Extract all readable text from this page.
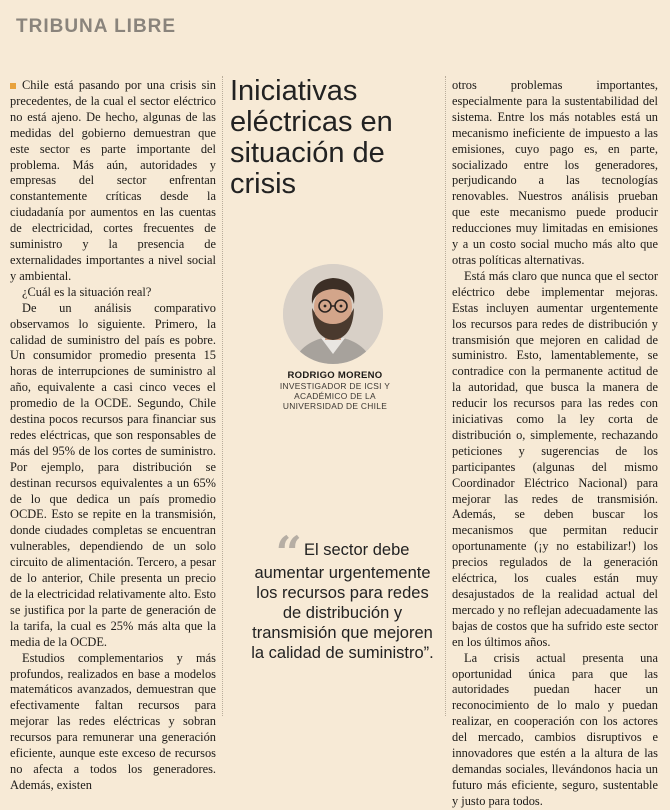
TRIBUNA LIBRE

Chile está pasando por una crisis sin precedentes, de la cual el sector eléctrico no está ajeno. De hecho, algunas de las medidas del gobierno demuestran que este sector es parte importante del problema. Más aún, autoridades y empresas del sector enfrentan constantemente críticas desde la ciudadanía por aumentos en las cuentas de electricidad, cortes frecuentes de suministro y la presencia de externalidades importantes a nivel social y ambiental.

¿Cuál es la situación real?

De un análisis comparativo observamos lo siguiente. Primero, la calidad de suministro del país es pobre. Un consumidor promedio presenta 15 horas de interrupciones de suministro al año, equivalente a casi cinco veces el promedio de la OCDE. Segundo, Chile destina pocos recursos para financiar sus redes eléctricas, que son responsables de más del 95% de los cortes de suministro. Por ejemplo, para distribución se destinan recursos equivalentes a un 65% de lo que dedica un país promedio OCDE. Esto se repite en la transmisión, donde ciudades completas se encuentran vulnerables, dependiendo de un solo circuito de alimentación. Tercero, a pesar de lo anterior, Chile presenta un precio de la electricidad relativamente alto. Esto se justifica por la parte de generación de la tarifa, la cual es 25% más alta que la media de la OCDE.

Estudios complementarios y más profundos, realizados en base a modelos matemáticos avanzados, demuestran que efectivamente faltan recursos para mejorar las redes eléctricas y sobran recursos para remunerar una generación eficiente, aunque este exceso de recursos no afecta a todos los generadores. Además, existen

Iniciativas eléctricas en situación de crisis
RODRIGO MORENO
INVESTIGADOR DE ICSI Y ACADÉMICO DE LA UNIVERSIDAD DE CHILE
“ El sector debe aumentar urgentemente los recursos para redes de distribución y transmisión que mejoren la calidad de suministro”.

otros problemas importantes, especialmente para la sustentabilidad del sistema. Entre los más notables está un mecanismo ineficiente de impuesto a las emisiones, cuyo pago es, en parte, socializado entre los generadores, perjudicando a las tecnologías renovables. Nuestros análisis prueban que este mecanismo puede producir reducciones muy limitadas en emisiones y a un costo social mucho más alto que otras políticas alternativas.

Está más claro que nunca que el sector eléctrico debe implementar mejoras. Estas incluyen aumentar urgentemente los recursos para redes de distribución y transmisión que mejoren en calidad de suministro. Esto, lamentablemente, se contradice con la permanente actitud de la autoridad, que busca la manera de reducir los recursos para las redes con iniciativas como la ley corta de distribución o, simplemente, rechazando peticiones y sugerencias de los participantes (algunas del mismo Coordinador Eléctrico Nacional) para mejorar las redes de transmisión. Además, se deben buscar los mecanismos que permitan reducir oportunamente (¡y no estabilizar!) los precios regulados de la generación eléctrica, los cuales están muy desajustados de la realidad actual del mercado y no reflejan adecuadamente las bajas de costos que ha sufrido este sector en los últimos años.

La crisis actual presenta una oportunidad única para que las autoridades puedan hacer un reconocimiento de lo malo y puedan realizar, en cooperación con los actores del mercado, cambios disruptivos e innovadores que estén a la altura de las demandas sociales, llevándonos hacia un futuro más eficiente, seguro, sustentable y justo para todos.
